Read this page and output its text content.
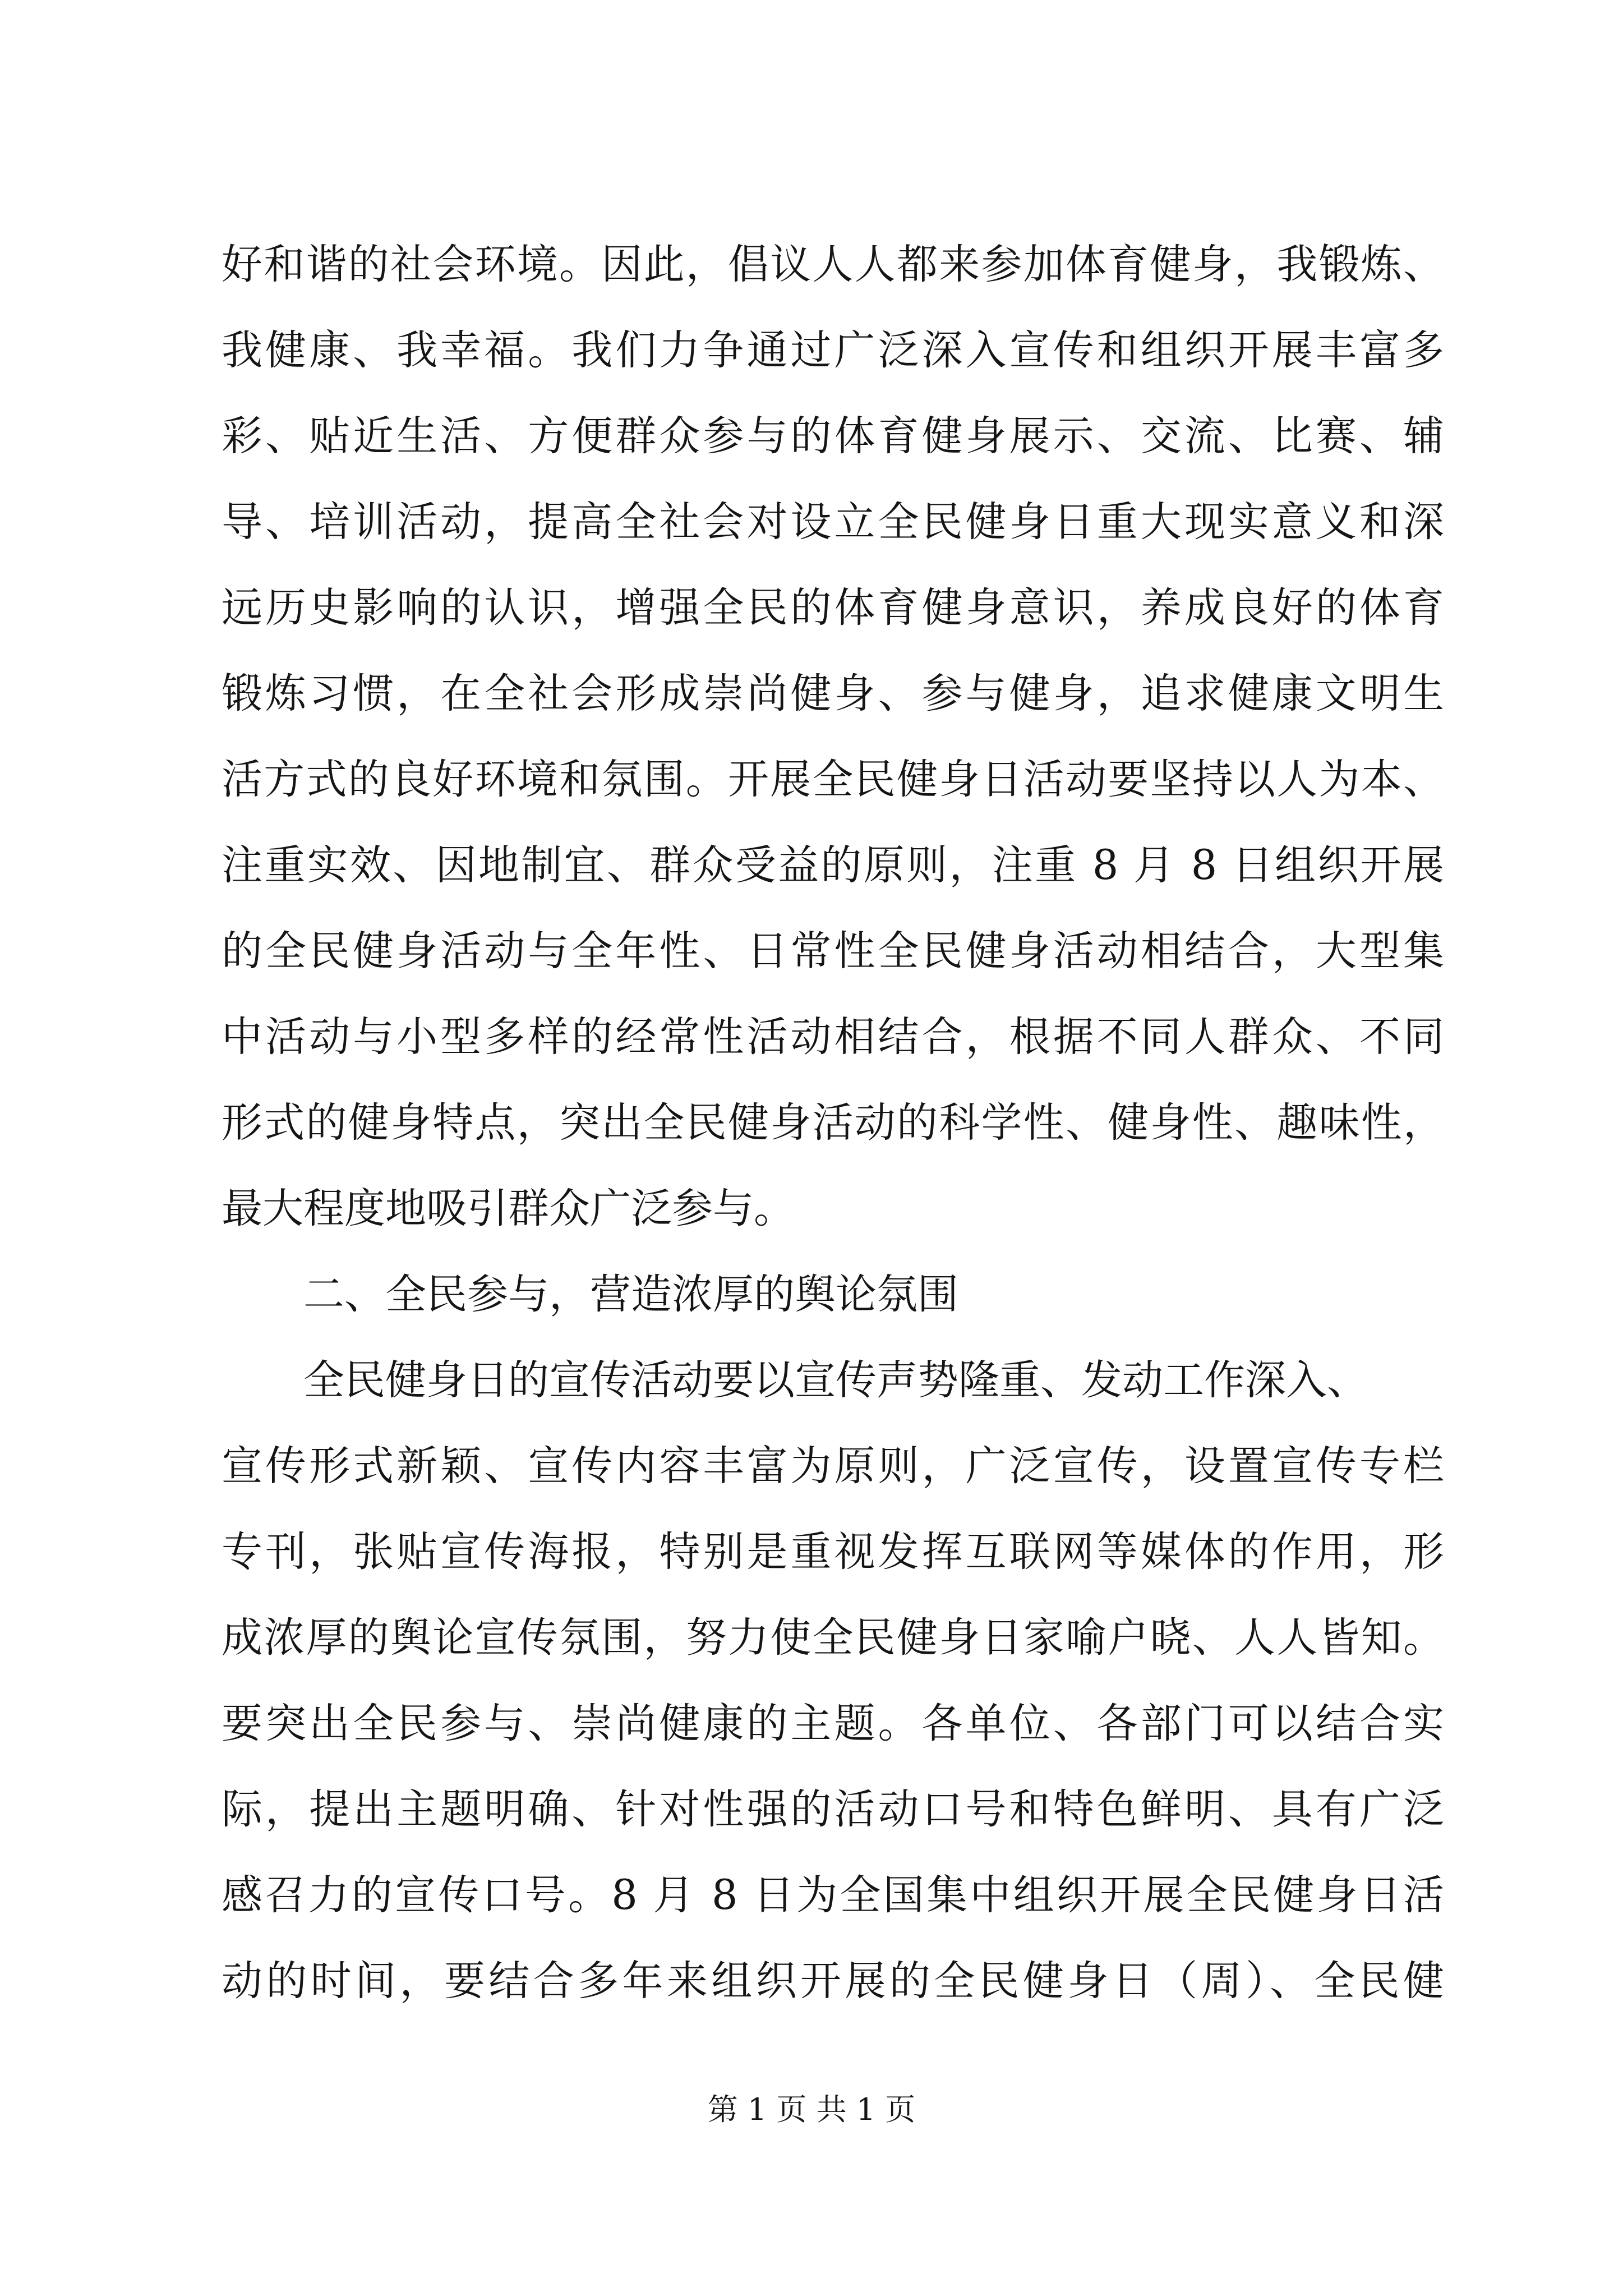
好和谐的社会环境。因此，倡议人人都来参加体育健身，我锻炼、
我健康、我幸福。我们力争通过广泛深入宣传和组织开展丰富多
彩、贴近生活、方便群众参与的体育健身展示、交流、比赛、辅
导、培训活动，提高全社会对设立全民健身日重大现实意义和深
远历史影响的认识，增强全民的体育健身意识，养成良好的体育
锻炼习惯，在全社会形成崇尚健身、参与健身，追求健康文明生
活方式的良好环境和氛围。开展全民健身日活动要坚持以人为本、
注重实效、因地制宜、群众受益的原则，注重 8 月 8 日组织开展
的全民健身活动与全年性、日常性全民健身活动相结合，大型集
中活动与小型多样的经常性活动相结合，根据不同人群众、不同
形式的健身特点，突出全民健身活动的科学性、健身性、趣味性，
最大程度地吸引群众广泛参与。
二、全民参与，营造浓厚的舆论氛围
全民健身日的宣传活动要以宣传声势隆重、发动工作深入、
宣传形式新颖、宣传内容丰富为原则，广泛宣传，设置宣传专栏
专刊，张贴宣传海报，特别是重视发挥互联网等媒体的作用，形
成浓厚的舆论宣传氛围，努力使全民健身日家喻户晓、人人皆知。
要突出全民参与、崇尚健康的主题。各单位、各部门可以结合实
际，提出主题明确、针对性强的活动口号和特色鲜明、具有广泛
感召力的宣传口号。8 月 8 日为全国集中组织开展全民健身日活
动的时间，要结合多年来组织开展的全民健身日（周）、全民健
第 1 页 共 1 页
